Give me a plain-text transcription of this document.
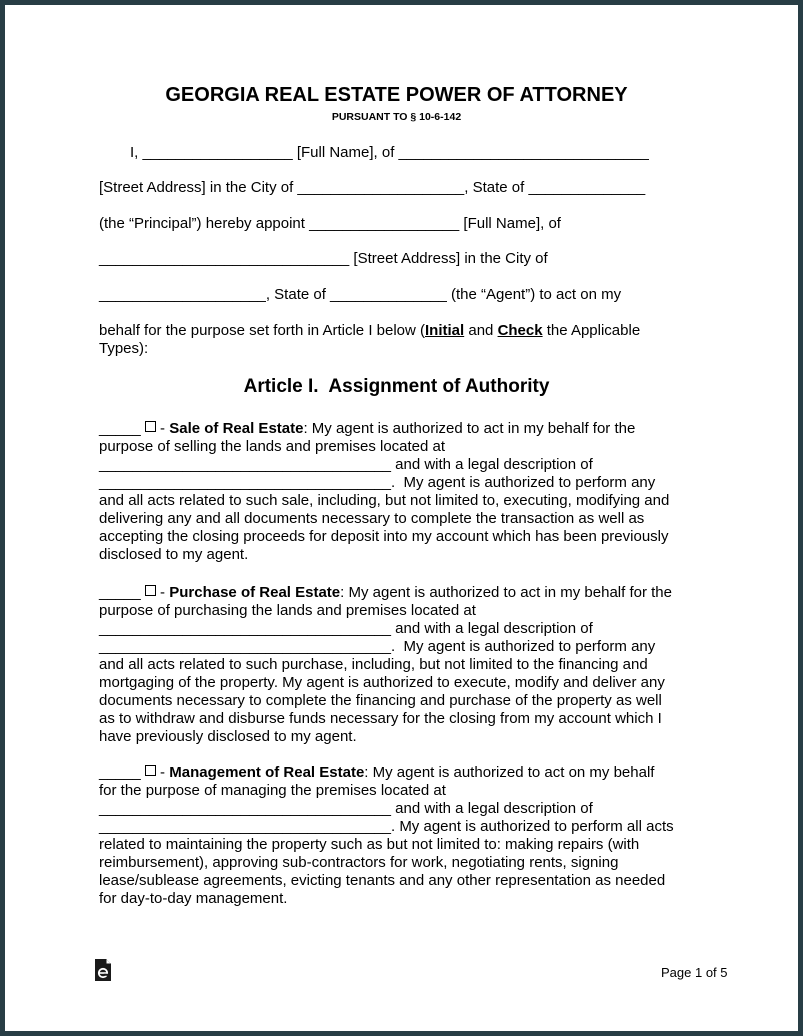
GEORGIA REAL ESTATE POWER OF ATTORNEY
PURSUANT TO § 10-6-142
I, __________________ [Full Name], of ______________________________
[Street Address] in the City of ____________________, State of ______________
(the “Principal”) hereby appoint __________________ [Full Name], of
______________________________ [Street Address] in the City of
____________________, State of ______________ (the “Agent”) to act on my
behalf for the purpose set forth in Article I below (Initial and Check the Applicable
Types):
Article I.  Assignment of Authority
_____  - Sale of Real Estate: My agent is authorized to act in my behalf for the
purpose of selling the lands and premises located at
___________________________________ and with a legal description of
___________________________________.  My agent is authorized to perform any
and all acts related to such sale, including, but not limited to, executing, modifying and
delivering any and all documents necessary to complete the transaction as well as
accepting the closing proceeds for deposit into my account which has been previously
disclosed to my agent.
_____  - Purchase of Real Estate: My agent is authorized to act in my behalf for the
purpose of purchasing the lands and premises located at
___________________________________ and with a legal description of
___________________________________.  My agent is authorized to perform any
and all acts related to such purchase, including, but not limited to the financing and
mortgaging of the property. My agent is authorized to execute, modify and deliver any
documents necessary to complete the financing and purchase of the property as well
as to withdraw and disburse funds necessary for the closing from my account which I
have previously disclosed to my agent.
_____  - Management of Real Estate: My agent is authorized to act on my behalf
for the purpose of managing the premises located at
___________________________________ and with a legal description of
___________________________________. My agent is authorized to perform all acts
related to maintaining the property such as but not limited to: making repairs (with
reimbursement), approving sub-contractors for work, negotiating rents, signing
lease/sublease agreements, evicting tenants and any other representation as needed
for day-to-day management.
Page 1 of 5
